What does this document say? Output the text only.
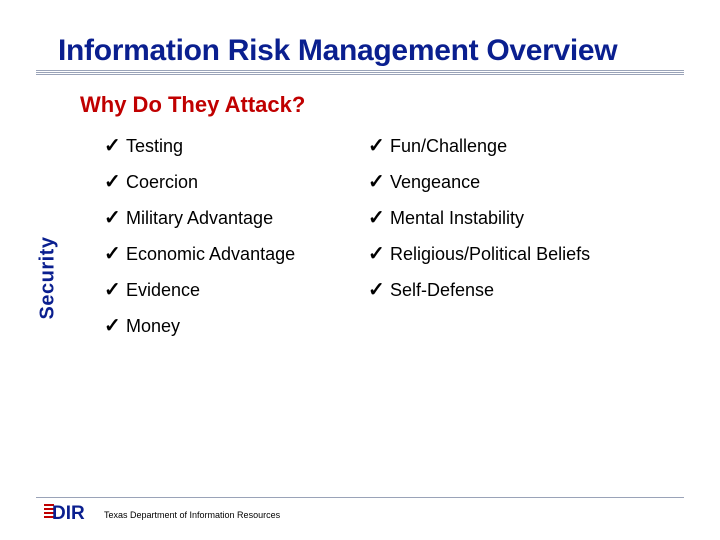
Information Risk Management Overview
Why Do They Attack?
Security
✓ Testing
✓ Coercion
✓ Military Advantage
✓ Economic Advantage
✓ Evidence
✓ Money
✓ Fun/Challenge
✓ Vengeance
✓ Mental Instability
✓ Religious/Political Beliefs
✓ Self-Defense
DIR Texas Department of Information Resources
